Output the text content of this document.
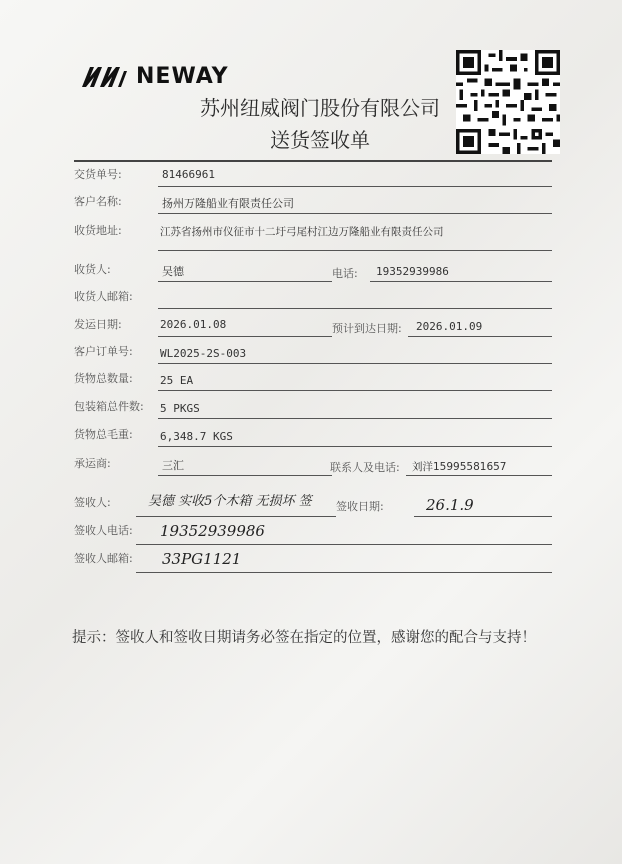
NEWAY
苏州纽威阀门股份有限公司
送货签收单
交货单号:	81466961
客户名称:	扬州万隆船业有限责任公司
收货地址:	江苏省扬州市仪征市十二圩弓尾村江边万隆船业有限责任公司
收货人:	吴德	电话: 19352939986
收货人邮箱:
发运日期:	2026.01.08	预计到达日期: 2026.01.09
客户订单号: WL2025-2S-003
货物总数量: 25 EA
包装箱总件数: 5 PKGS
货物总毛重: 6,348.7 KGS
承运商:	三汇	联系人及电话: 刘洋15995581657
签收人:	吴德 实收5个木箱 无损坏 签 签收日期:	26.1.9
签收人电话: 19352939986
签收人邮箱: 33PG1121
提示：签收人和签收日期请务必签在指定的位置，感谢您的配合与支持！
